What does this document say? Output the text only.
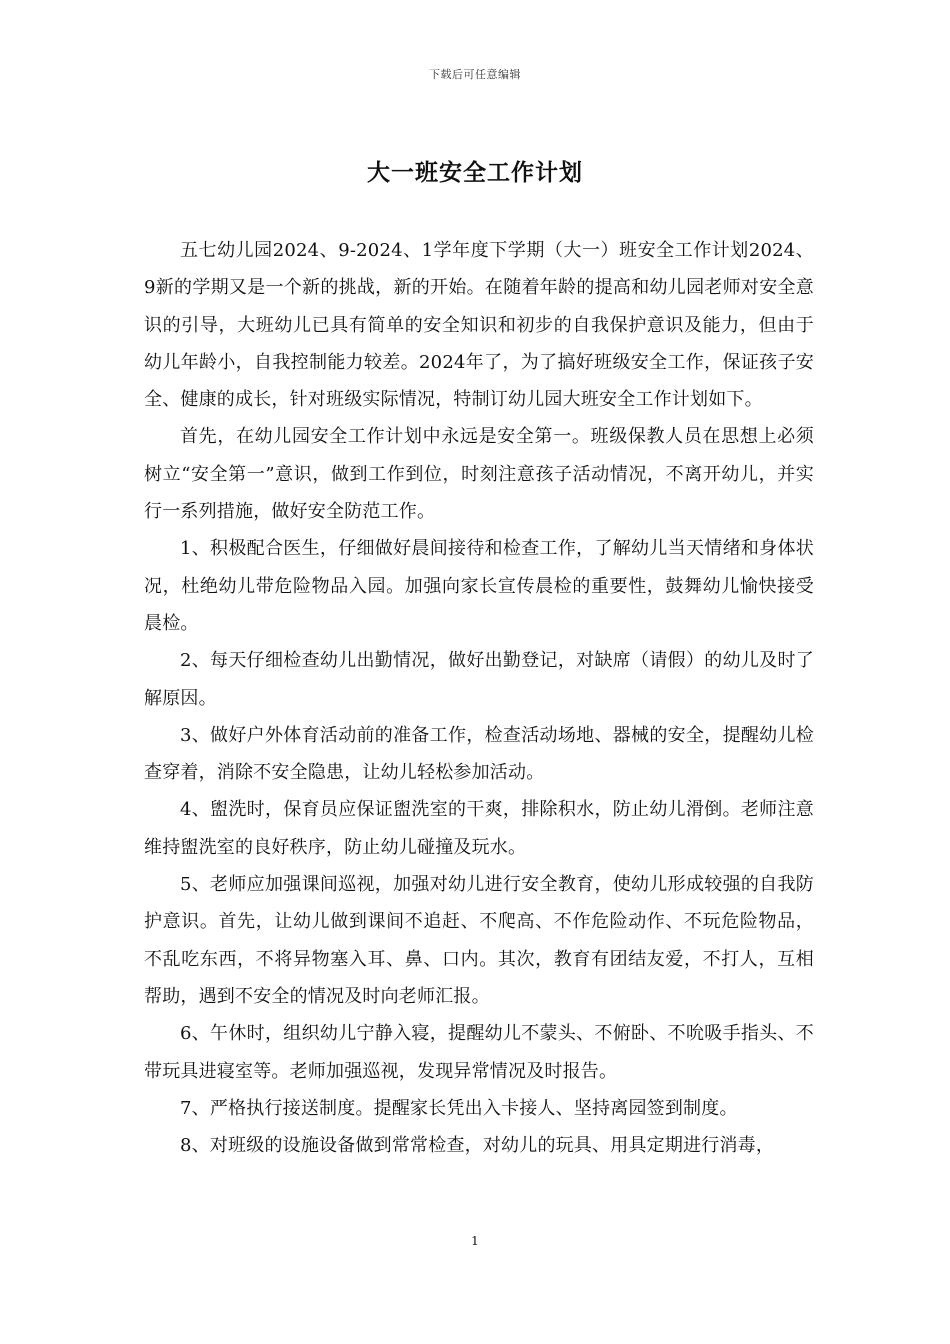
下载后可任意编辑
大一班安全工作计划

五七幼儿园2024、9-2024、1学年度下学期（大一）班安全工作计划2024、9新的学期又是一个新的挑战，新的开始。在随着年龄的提高和幼儿园老师对安全意识的引导，大班幼儿已具有简单的安全知识和初步的自我保护意识及能力，但由于幼儿年龄小，自我控制能力较差。2024年了，为了搞好班级安全工作，保证孩子安全、健康的成长，针对班级实际情况，特制订幼儿园大班安全工作计划如下。

首先，在幼儿园安全工作计划中永远是安全第一。班级保教人员在思想上必须树立“安全第一”意识，做到工作到位，时刻注意孩子活动情况，不离开幼儿，并实行一系列措施，做好安全防范工作。

1、积极配合医生，仔细做好晨间接待和检查工作，了解幼儿当天情绪和身体状况，杜绝幼儿带危险物品入园。加强向家长宣传晨检的重要性，鼓舞幼儿愉快接受晨检。

2、每天仔细检查幼儿出勤情况，做好出勤登记，对缺席（请假）的幼儿及时了解原因。

3、做好户外体育活动前的准备工作，检查活动场地、器械的安全，提醒幼儿检查穿着，消除不安全隐患，让幼儿轻松参加活动。

4、盥洗时，保育员应保证盥洗室的干爽，排除积水，防止幼儿滑倒。老师注意维持盥洗室的良好秩序，防止幼儿碰撞及玩水。

5、老师应加强课间巡视，加强对幼儿进行安全教育，使幼儿形成较强的自我防护意识。首先，让幼儿做到课间不追赶、不爬高、不作危险动作、不玩危险物品，不乱吃东西，不将异物塞入耳、鼻、口内。其次，教育有团结友爱，不打人，互相帮助，遇到不安全的情况及时向老师汇报。

6、午休时，组织幼儿宁静入寝，提醒幼儿不蒙头、不俯卧、不吮吸手指头、不带玩具进寝室等。老师加强巡视，发现异常情况及时报告。

7、严格执行接送制度。提醒家长凭出入卡接人、坚持离园签到制度。

8、对班级的设施设备做到常常检查，对幼儿的玩具、用具定期进行消毒，

1
